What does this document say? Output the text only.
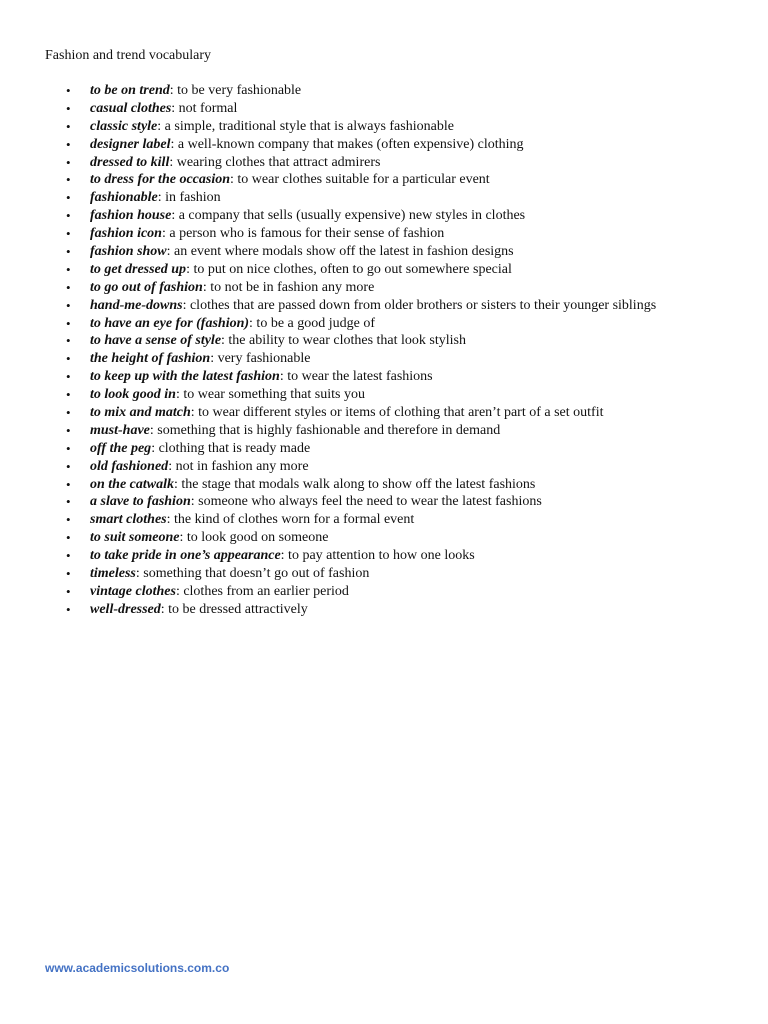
Fashion and trend vocabulary
• to be on trend: to be very fashionable
• casual clothes: not formal
• classic style: a simple, traditional style that is always fashionable
• designer label: a well-known company that makes (often expensive) clothing
• dressed to kill: wearing clothes that attract admirers
• to dress for the occasion: to wear clothes suitable for a particular event
• fashionable: in fashion
• fashion house: a company that sells (usually expensive) new styles in clothes
• fashion icon: a person who is famous for their sense of fashion
• fashion show: an event where modals show off the latest in fashion designs
• to get dressed up: to put on nice clothes, often to go out somewhere special
• to go out of fashion: to not be in fashion any more
• hand-me-downs: clothes that are passed down from older brothers or sisters to their younger siblings
• to have an eye for (fashion): to be a good judge of
• to have a sense of style: the ability to wear clothes that look stylish
• the height of fashion: very fashionable
• to keep up with the latest fashion: to wear the latest fashions
• to look good in: to wear something that suits you
• to mix and match: to wear different styles or items of clothing that aren’t part of a set outfit
• must-have: something that is highly fashionable and therefore in demand
• off the peg: clothing that is ready made
• old fashioned: not in fashion any more
• on the catwalk: the stage that modals walk along to show off the latest fashions
• a slave to fashion: someone who always feel the need to wear the latest fashions
• smart clothes: the kind of clothes worn for a formal event
• to suit someone: to look good on someone
• to take pride in one’s appearance: to pay attention to how one looks
• timeless: something that doesn’t go out of fashion
• vintage clothes: clothes from an earlier period
• well-dressed: to be dressed attractively
www.academicsolutions.com.co
